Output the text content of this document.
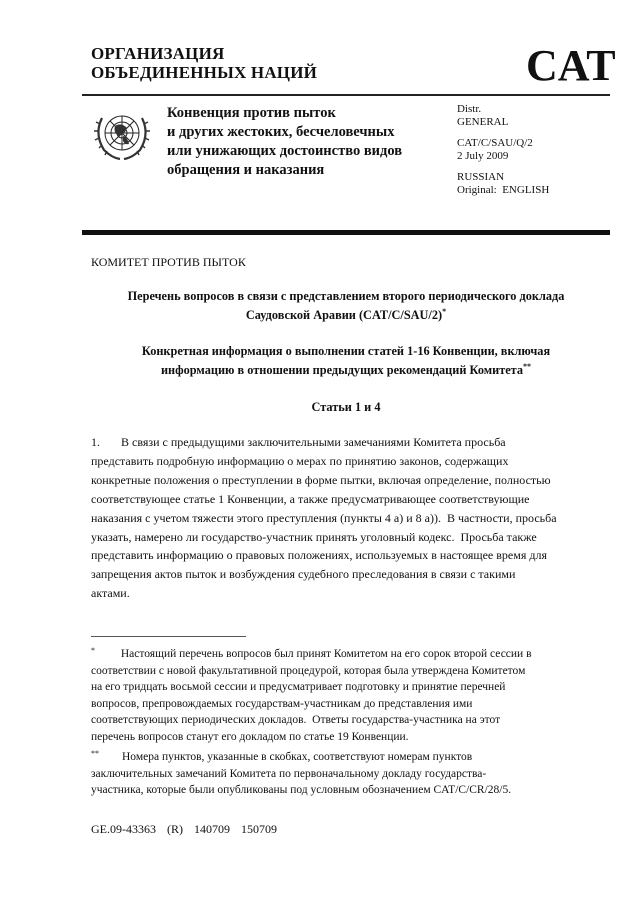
ОРГАНИЗАЦИЯ
ОБЪЕДИНЕННЫХ НАЦИЙ	CAT
Конвенция против пыток
и других жестоких, бесчеловечных
или унижающих достоинство видов
обращения и наказания
Distr.
GENERAL
CAT/C/SAU/Q/2
2 July 2009
RUSSIAN
Original:  ENGLISH
КОМИТЕТ ПРОТИВ ПЫТОК
Перечень вопросов в связи с представлением второго периодического доклада
Саудовской Аравии (CAT/C/SAU/2)*
Конкретная информация о выполнении статей 1-16 Конвенции, включая
информацию в отношении предыдущих рекомендаций Комитета**
Статьи 1 и 4
1.       В связи с предыдущими заключительными замечаниями Комитета просьба
представить подробную информацию о мерах по принятию законов, содержащих
конкретные положения о преступлении в форме пытки, включая определение, полностью
соответствующее статье 1 Конвенции, а также предусматривающее соответствующие
наказания с учетом тяжести этого преступления (пункты 4 a) и 8 a)).  В частности, просьба
указать, намерено ли государство-участник принять уголовный кодекс.  Просьба также
представить информацию о правовых положениях, используемых в настоящее время для
запрещения актов пыток и возбуждения судебного преследования в связи с такими
актами.
*         Настоящий перечень вопросов был принят Комитетом на его сорок второй сессии в
соответствии с новой факультативной процедурой, которая была утверждена Комитетом
на его тридцать восьмой сессии и предусматривает подготовку и принятие перечней
вопросов, препровождаемых государствам-участникам до представления ими
соответствующих периодических докладов.  Ответы государства-участника на этот
перечень вопросов станут его докладом по статье 19 Конвенции.
**        Номера пунктов, указанные в скобках, соответствуют номерам пунктов
заключительных замечаний Комитета по первоначальному докладу государства-
участника, которые были опубликованы под условным обозначением CAT/C/CR/28/5.
GE.09-43363 (R) 140709 150709
